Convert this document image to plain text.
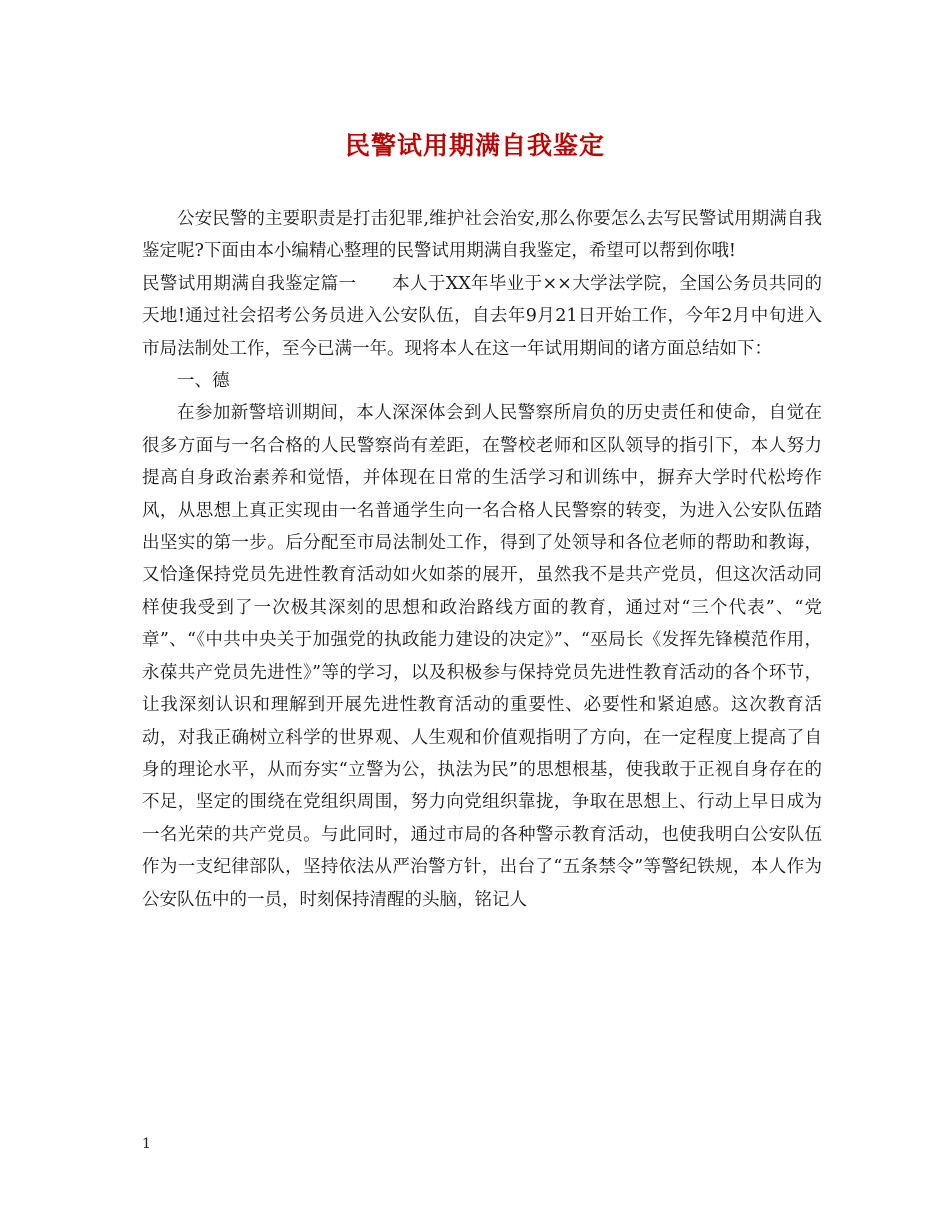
民警试用期满自我鉴定

公安民警的主要职责是打击犯罪,维护社会治安,那么你要怎么去写民警试用期满自我鉴定呢?下面由本小编精心整理的民警试用期满自我鉴定，希望可以帮到你哦!

民警试用期满自我鉴定篇一　　本人于XX年毕业于××大学法学院，全国公务员共同的天地!通过社会招考公务员进入公安队伍，自去年9月21日开始工作，今年2月中旬进入市局法制处工作，至今已满一年。现将本人在这一年试用期间的诸方面总结如下：

一、德

在参加新警培训期间，本人深深体会到人民警察所肩负的历史责任和使命，自觉在很多方面与一名合格的人民警察尚有差距，在警校老师和区队领导的指引下，本人努力提高自身政治素养和觉悟，并体现在日常的生活学习和训练中，摒弃大学时代松垮作风，从思想上真正实现由一名普通学生向一名合格人民警察的转变，为进入公安队伍踏出坚实的第一步。后分配至市局法制处工作，得到了处领导和各位老师的帮助和教诲，又恰逢保持党员先进性教育活动如火如荼的展开，虽然我不是共产党员，但这次活动同样使我受到了一次极其深刻的思想和政治路线方面的教育，通过对“三个代表”、“党章”、“《中共中央关于加强党的执政能力建设的决定》”、“巫局长《发挥先锋模范作用，永葆共产党员先进性》”等的学习，以及积极参与保持党员先进性教育活动的各个环节，让我深刻认识和理解到开展先进性教育活动的重要性、必要性和紧迫感。这次教育活动，对我正确树立科学的世界观、人生观和价值观指明了方向，在一定程度上提高了自身的理论水平，从而夯实“立警为公，执法为民”的思想根基，使我敢于正视自身存在的不足，坚定的围绕在党组织周围，努力向党组织靠拢，争取在思想上、行动上早日成为一名光荣的共产党员。与此同时，通过市局的各种警示教育活动，也使我明白公安队伍作为一支纪律部队，坚持依法从严治警方针，出台了“五条禁令”等警纪铁规，本人作为公安队伍中的一员，时刻保持清醒的头脑，铭记人

1
